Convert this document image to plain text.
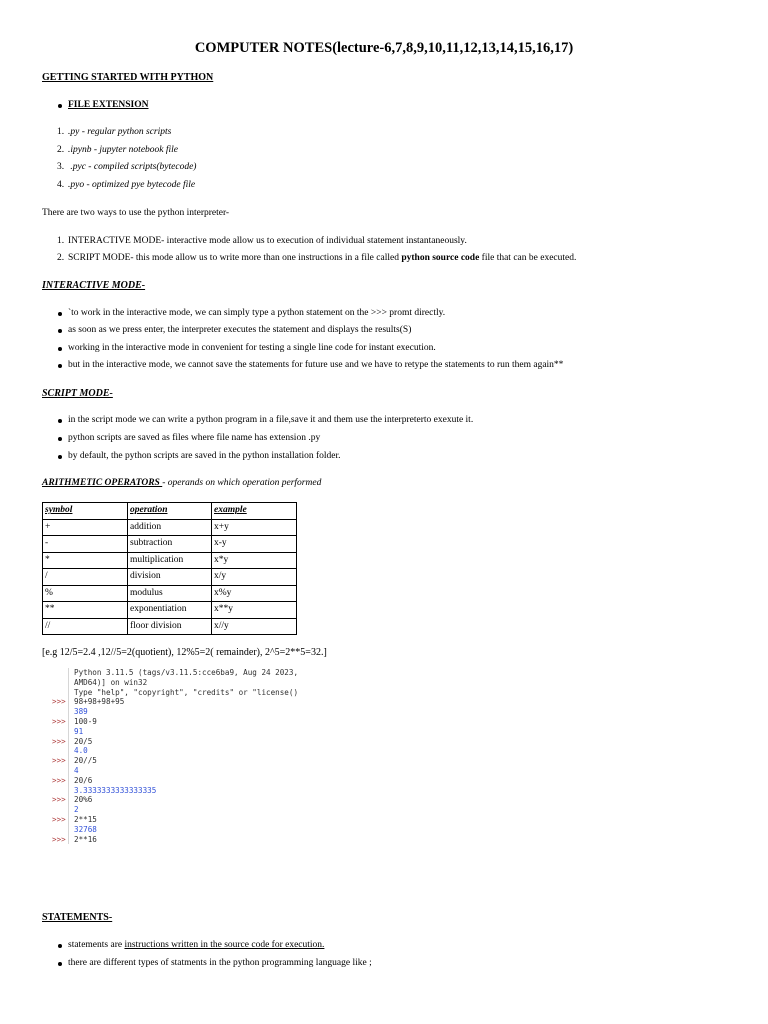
COMPUTER NOTES(lecture-6,7,8,9,10,11,12,13,14,15,16,17)
GETTING STARTED WITH PYTHON
FILE EXTENSION
1. .py - regular python scripts
2. .ipynb - jupyter notebook file
3. .pyc - compiled scripts(bytecode)
4. .pyo - optimized pye bytecode file
There are two ways to use the python interpreter-
1. INTERACTIVE MODE- interactive mode allow us to execution of individual statement instantaneously.
2. SCRIPT MODE- this mode allow us to write more than one instructions in a file called python source code file that can be executed.
INTERACTIVE MODE-
`to work in the interactive mode, we can simply type a python statement on the >>> promt directly.
as soon as we press enter, the interpreter executes the statement and displays the results(S)
working in the interactive mode in convenient for testing a single line code for instant execution.
but in the interactive mode, we cannot save the statements for future use and we have to retype the statements to run them again**
SCRIPT MODE-
in the script mode we can write a python program in a file,save it and them use the interpreterto exexute it.
python scripts are saved as files where file name has extension .py
by default, the python scripts are saved in the python installation folder.
ARITHMETIC OPERATORS - operands on which operation performed
symbol	operation	example
+	addition	x+y
-	subtraction	x-y
*	multiplication	x*y
/	division	x/y
%	modulus	x%y
**	exponentiation	x**y
//	floor division	x//y
[e.g 12/5=2.4 ,12//5=2(quotient), 12%5=2( remainder), 2^5=2**5=32.]
Python 3.11.5 (tags/v3.11.5:cce6ba9, Aug 24 2023,
AMD64)] on win32
Type "help", "copyright", "credits" or "license()
>>> 98+98+98+95
389
>>> 100-9
91
>>> 20/5
4.0
>>> 20//5
4
>>> 20/6
3.3333333333333335
>>> 20%6
2
>>> 2**15
32768
>>> 2**16
STATEMENTS-
statements are instructions written in the source code for execution.
there are different types of statments in the python programming language like ;
